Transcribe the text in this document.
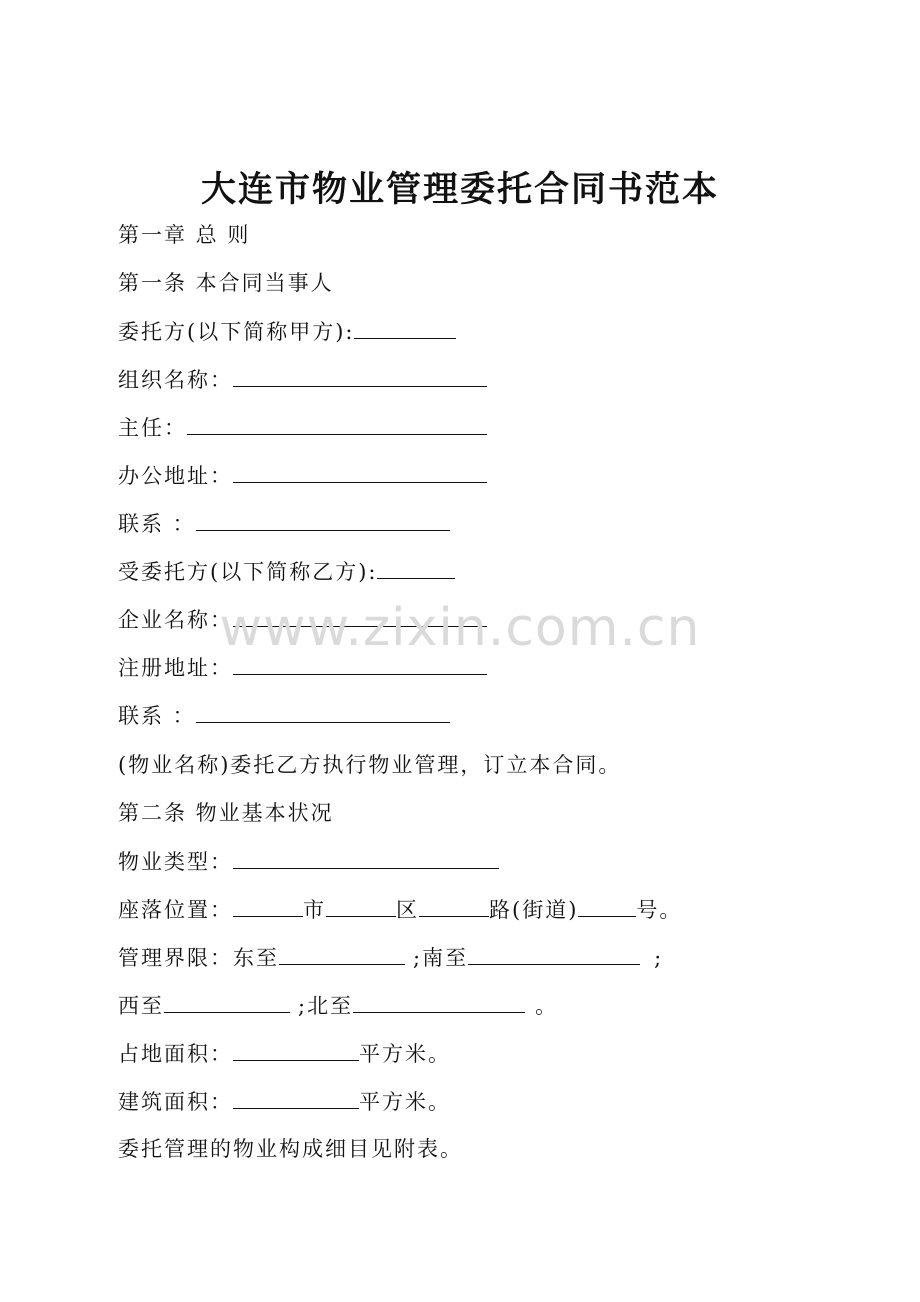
大连市物业管理委托合同书范本
第一章 总 则
第一条 本合同当事人
委托方(以下简称甲方):
组织名称：
主任：
办公地址：
联系 ：
受委托方(以下简称乙方):
企业名称：
注册地址：
联系 ：
(物业名称)委托乙方执行物业管理，订立本合同。
第二条 物业基本状况
物业类型：
座落位置：	市	区	路(街道)	号。
管理界限：东至	;南至	;
西至	;北至	。
占地面积：	平方米。
建筑面积：	平方米。
委托管理的物业构成细目见附表。
www.zixin.com.cn
